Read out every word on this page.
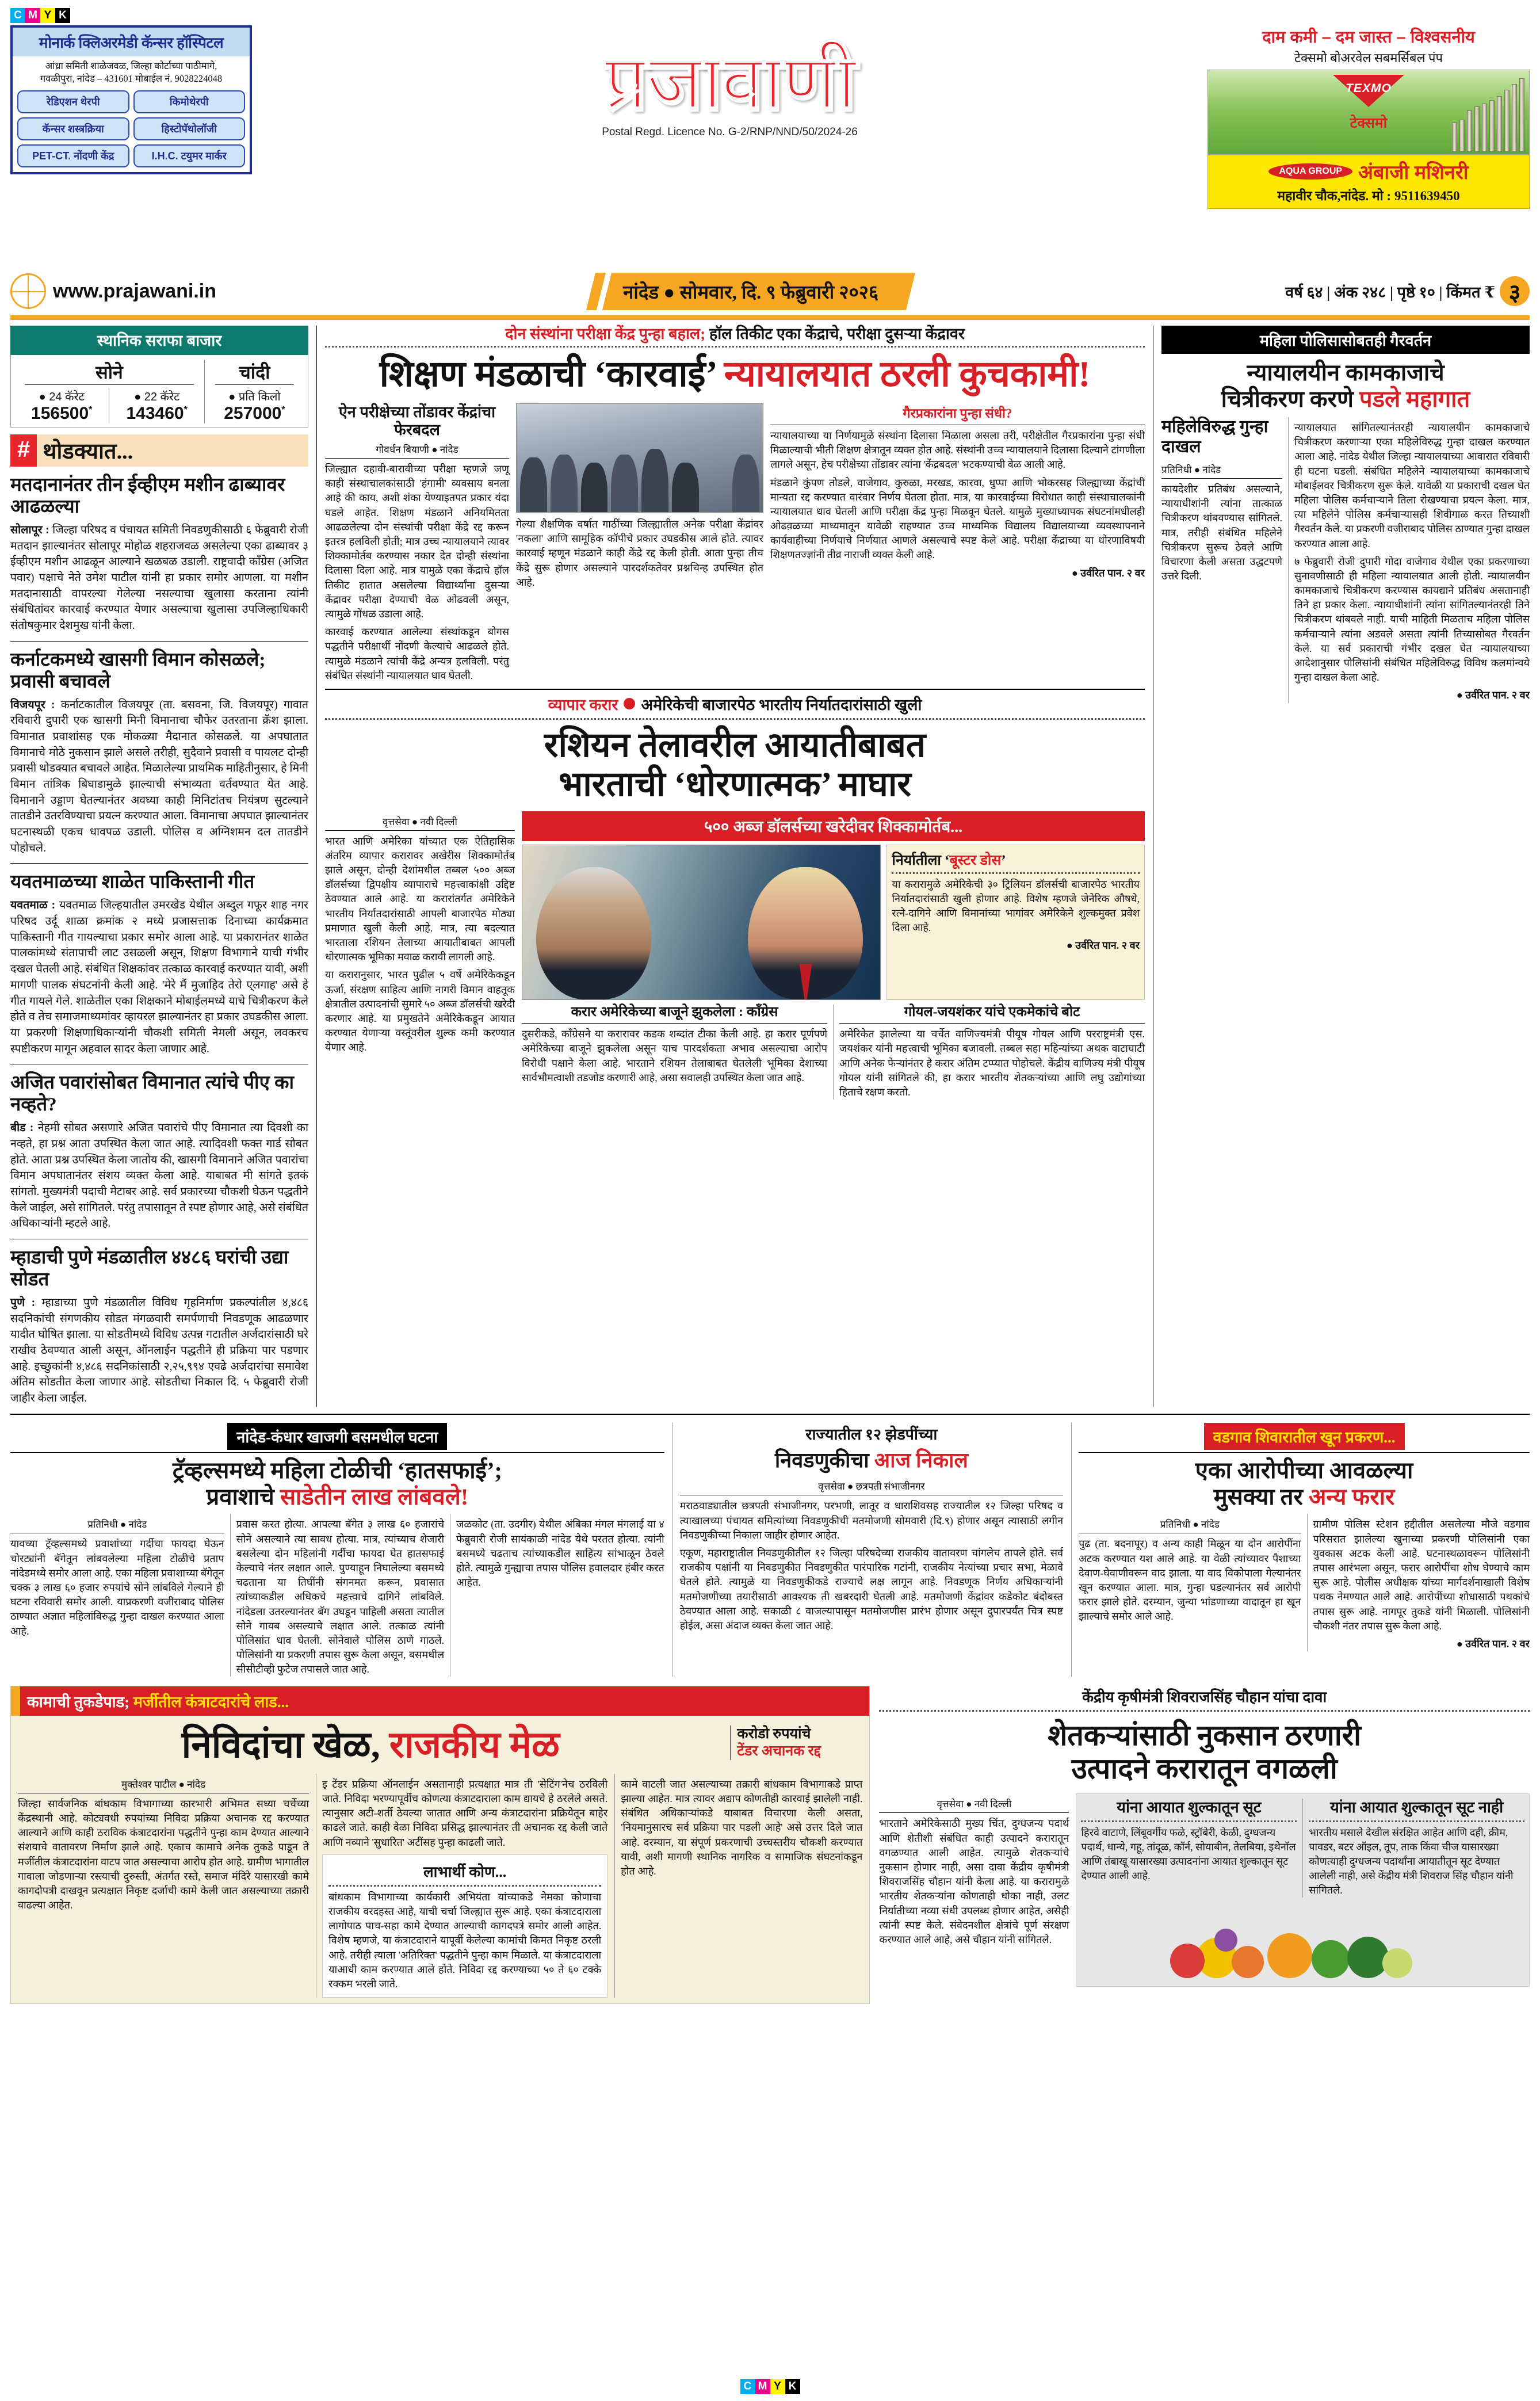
C M Y K
मोनार्क क्लिअरमेडी कॅन्सर हॉस्पिटल
आंध्रा समिती शाळेजवळ, जिल्हा कोर्टाच्या पाठीमागे,
गवळीपुरा, नांदेड – 431601 मोबाईल नं. 9028224048
रेडिएशन थेरपी	किमोथेरपी
कॅन्सर शस्त्रक्रिया	हिस्टोपॅथोलॉजी
PET-CT. नोंदणी केंद्र	I.H.C. टयुमर मार्कर
प्रजावाणी
Postal Regd. Licence No. G-2/RNP/NND/50/2024-26
दाम कमी – दम जास्त – विश्वसनीय
टेक्समो बोअरवेल सबमर्सिबल पंप
TEXMO
टेक्समो
AQUA GROUP अंबाजी मशिनरी
महावीर चौक,नांदेड. मो : 9511639450
www.prajawani.in	नांदेड ● सोमवार, दि. ९ फेब्रुवारी २०२६	वर्ष ६४ | अंक २४८ | पृष्ठे १० | किंमत ₹ ३
स्थानिक सराफा बाजार
सोने
● 24 कॅरेट
156500*
● 22 कॅरेट
143460*
चांदी
● प्रति किलो
257000*
# थोडक्यात...
मतदानानंतर तीन ईव्हीएम मशीन ढाब्यावर आढळल्या
सोलापूर : जिल्हा परिषद व पंचायत समिती निवडणुकीसाठी ६ फेब्रुवारी रोजी मतदान झाल्यानंतर सोलापूर मोहोळ शहराजवळ असलेल्या एका ढाब्यावर ३ ईव्हीएम मशीन आढळून आल्याने खळबळ उडाली. राष्ट्रवादी काँग्रेस (अजित पवार) पक्षाचे नेते उमेश पाटील यांनी हा प्रकार समोर आणला. या मशीन मतदानासाठी वापरल्या गेलेल्या नसल्याचा खुलासा करताना त्यांनी संबंधितांवर कारवाई करण्यात येणार असल्याचा खुलासा उपजिल्हाधिकारी संतोषकुमार देशमुख यांनी केला.
कर्नाटकमध्ये खासगी विमान कोसळले; प्रवासी बचावले
विजयपूर : कर्नाटकातील विजयपूर (ता. बसवना, जि. विजयपूर) गावात रविवारी दुपारी एक खासगी मिनी विमानाचा चौफेर उतरताना क्रॅश झाला. विमानात प्रवाशांसह एक मोकळ्या मैदानात कोसळले. या अपघातात विमानाचे मोठे नुकसान झाले असले तरीही, सुदैवाने प्रवासी व पायलट दोन्ही प्रवासी थोडक्यात बचावले आहेत. मिळालेल्या प्राथमिक माहितीनुसार, हे मिनी विमान तांत्रिक बिघाडामुळे झाल्याची संभाव्यता वर्तवण्यात येत आहे. विमानाने उड्डाण घेतल्यानंतर अवघ्या काही मिनिटांतच नियंत्रण सुटल्याने तातडीने उतरविण्याचा प्रयत्न करण्यात आला. विमानाचा अपघात झाल्यानंतर घटनास्थळी एकच धावपळ उडाली. पोलिस व अग्निशमन दल तातडीने पोहोचले.
यवतमाळच्या शाळेत पाकिस्तानी गीत
यवतमाळ : यवतमाळ जिल्हयातील उमरखेड येथील अब्दुल गफूर शाह नगर परिषद उर्दू शाळा क्रमांक २ मध्ये प्रजासत्ताक दिनाच्या कार्यक्रमात पाकिस्तानी गीत गायल्याचा प्रकार समोर आला आहे. या प्रकारानंतर शाळेत पालकांमध्ये संतापाची लाट उसळली असून, शिक्षण विभागाने याची गंभीर दखल घेतली आहे. संबंधित शिक्षकांवर तत्काळ कारवाई करण्यात यावी, अशी मागणी पालक संघटनांनी केली आहे. 'मेरे मैं मुजाहिद तेरो ए्लगाह' असे हे गीत गायले गेले. शाळेतील एका शिक्षकाने मोबाईलमध्ये याचे चित्रीकरण केले होते व तेच समाजमाध्यमांवर व्हायरल झाल्यानंतर हा प्रकार उघडकीस आला. या प्रकरणी शिक्षणाधिकाऱ्यांनी चौकशी समिती नेमली असून, लवकरच स्पष्टीकरण मागून अहवाल सादर केला जाणार आहे.
अजित पवारांसोबत विमानात त्यांचे पीए का नव्हते?
बीड : नेहमी सोबत असणारे अजित पवारांचे पीए विमानात त्या दिवशी का नव्हते, हा प्रश्न आता उपस्थित केला जात आहे. त्यादिवशी फक्त गार्ड सोबत होते. आता प्रश्न उपस्थित केला जातोय की, खासगी विमानाने अजित पवारांचा विमान अपघातानंतर संशय व्यक्त केला आहे. याबाबत मी सांगते इतकं सांगतो. मुख्यमंत्री पदाची मेटाबर आहे. सर्व प्रकारच्या चौकशी घेऊन पद्धतीने केले जाईल, असे सांगितले. परंतु तपासातून ते स्पष्ट होणार आहे, असे संबंधित अधिकाऱ्यांनी म्हटले आहे.
म्हाडाची पुणे मंडळातील ४४८६ घरांची उद्या सोडत
पुणे : म्हाडाच्या पुणे मंडळातील विविध गृहनिर्माण प्रकल्पांतील ४,४८६ सदनिकांची संगणकीय सोडत मंगळवारी समर्पणाची निवडणूक आढळणार यादीत घोषित झाला. या सोडतीमध्ये विविध उत्पन्न गटातील अर्जदारांसाठी घरे राखीव ठेवण्यात आली असून, ऑनलाईन पद्धतीने ही प्रक्रिया पार पडणार आहे. इच्छुकांनी ४,४८६ सदनिकांसाठी २,२५,९९४ एवढे अर्जदारांचा समावेश अंतिम सोडतीत केला जाणार आहे. सोडतीचा निकाल दि. ५ फेब्रुवारी रोजी जाहीर केला जाईल.
दोन संस्थांना परीक्षा केंद्र पुन्हा बहाल; हॉल तिकीट एका केंद्राचे, परीक्षा दुसऱ्या केंद्रावर
शिक्षण मंडळाची ‘कारवाई’ न्यायालयात ठरली कुचकामी!
ऐन परीक्षेच्या तोंडावर केंद्रांचा फेरबदल
गोवर्धन बियाणी ● नांदेड
जिल्ह्यात दहावी-बारावीच्या परीक्षा म्हणजे जणू काही संस्थाचालकांसाठी 'हंगामी' व्यवसाय बनला आहे की काय, अशी शंका येण्याइतपत प्रकार यंदा घडले आहेत. शिक्षण मंडळाने अनियमितता आढळलेल्या दोन संस्थांची परीक्षा केंद्रे रद्द करून इतरत्र हलविली होती; मात्र उच्च न्यायालयाने त्यावर शिक्कामोर्तब करण्यास नकार देत दोन्ही संस्थांना दिलासा दिला आहे. मात्र यामुळे एका केंद्राचे हॉल तिकीट हातात असलेल्या विद्यार्थ्यांना दुसऱ्या केंद्रावर परीक्षा देण्याची वेळ ओढवली असून, त्यामुळे गोंधळ उडाला आहे.
कारवाई करण्यात आलेल्या संस्थांकडून बोगस पद्धतीने परीक्षार्थी नोंदणी केल्याचे आढळले होते. त्यामुळे मंडळाने त्यांची केंद्रे अन्यत्र हलविली. परंतु संबंधित संस्थांनी न्यायालयात धाव घेतली.
गेल्या शैक्षणिक वर्षात गाठींच्या जिल्ह्यातील अनेक परीक्षा केंद्रांवर 'नकला' आणि सामूहिक कॉपीचे प्रकार उघडकीस आले होते. त्यावर कारवाई म्हणून मंडळाने काही केंद्रे रद्द केली होती. आता पुन्हा तीच केंद्रे सुरू होणार असल्याने पारदर्शकतेवर प्रश्नचिन्ह उपस्थित होत आहे.
गैरप्रकारांना पुन्हा संधी?
न्यायालयाच्या या निर्णयामुळे संस्थांना दिलासा मिळाला असला तरी, परीक्षेतील गैरप्रकारांना पुन्हा संधी मिळाल्याची भीती शिक्षण क्षेत्रातून व्यक्त होत आहे. संस्थांनी उच्च न्यायालयाने दिलासा दिल्याने टांगणीला लागले असून, हेच परीक्षेच्या तोंडावर त्यांना 'केंद्रबदल' भटकण्याची वेळ आली आहे.
मंडळाने कुंपण तोडले, वाजेगाव, कुरुळा, मरखड, कारवा, धुप्पा आणि भोकरसह जिल्ह्याच्या केंद्रांची मान्यता रद्द करण्यात वारंवार निर्णय घेतला होता. मात्र, या कारवाईच्या विरोधात काही संस्थाचालकांनी न्यायालयात धाव घेतली आणि परीक्षा केंद्र पुन्हा मिळवून घेतले. यामुळे मुख्याध्यापक संघटनांमधीलही ओढव़ळच्या माध्यमातून यावेळी राहण्यात उच्च माध्यमिक विद्यालय विद्यालयाच्या व्यवस्थापनाने कार्यवाहीच्या निर्णयाचे निर्णयात आणले असल्याचे स्पष्ट केले आहे. परीक्षा केंद्राच्या या धोरणाविषयी शिक्षणतज्ज्ञांनी तीव्र नाराजी व्यक्त केली आहे.
● उर्वरित पान. २ वर
व्यापार करार अमेरिकेची बाजारपेठ भारतीय निर्यातदारांसाठी खुली
रशियन तेलावरील आयातीबाबत
भारताची ‘धोरणात्मक’ माघार
वृत्तसेवा ● नवी दिल्ली
भारत आणि अमेरिका यांच्यात एक ऐतिहासिक अंतरिम व्यापार करारावर अखेरीस शिक्कामोर्तब झाले असून, दोन्ही देशांमधील तब्बल ५०० अब्ज डॉलर्सच्या द्विपक्षीय व्यापाराचे महत्त्वाकांक्षी उद्दिष्ट ठेवण्यात आले आहे. या करारांतर्गत अमेरिकेने भारतीय निर्यातदारांसाठी आपली बाजारपेठ मोठ्या प्रमाणात खुली केली आहे. मात्र, त्या बदल्यात भारताला रशियन तेलाच्या आयातीबाबत आपली धोरणात्मक भूमिका मवाळ करावी लागली आहे.
या करारानुसार, भारत पुढील ५ वर्षे अमेरिकेकडून ऊर्जा, संरक्षण साहित्य आणि नागरी विमान वाहतूक क्षेत्रातील उत्पादनांची सुमारे ५० अब्ज डॉलर्सची खरेदी करणार आहे. या प्रमुखतेने अमेरिकेकडून आयात करण्यात येणाऱ्या वस्तूंवरील शुल्क कमी करण्यात येणार आहे.
५०० अब्ज डॉलर्सच्या खरेदीवर शिक्कामोर्तब...
निर्यातीला ‘बूस्टर डोस’
या करारामुळे अमेरिकेची ३० ट्रिलियन डॉलर्सची बाजारपेठ भारतीय निर्यातदारांसाठी खुली होणार आहे. विशेष म्हणजे जेनेरिक औषधे, रत्ने-दागिने आणि विमानांच्या भागांवर अमेरिकेने शुल्कमुक्त प्रवेश दिला आहे.
● उर्वरित पान. २ वर
करार अमेरिकेच्या बाजूने झुकलेला : काँग्रेस
दुसरीकडे, काँग्रेसने या करारावर कडक शब्दांत टीका केली आहे. हा करार पूर्णपणे अमेरिकेच्या बाजूने झुकलेला असून याच पारदर्शकता अभाव असल्याचा आरोप विरोधी पक्षाने केला आहे. भारताने रशियन तेलाबाबत घेतलेली भूमिका देशाच्या सार्वभौमत्वाशी तडजोड करणारी आहे, असा सवालही उपस्थित केला जात आहे.
गोयल-जयशंकर यांचे एकमेकांचे बोट
अमेरिकेत झालेल्या या चर्चेत वाणिज्यमंत्री पीयूष गोयल आणि परराष्ट्रमंत्री एस. जयशंकर यांनी महत्त्वाची भूमिका बजावली. तब्बल सहा महिन्यांच्या अथक वाटाघाटी आणि अनेक फेऱ्यांनंतर हे करार अंतिम टप्प्यात पोहोचले. केंद्रीय वाणिज्य मंत्री पीयूष गोयल यांनी सांगितले की, हा करार भारतीय शेतकऱ्यांच्या आणि लघु उद्योगांच्या हिताचे रक्षण करतो.
महिला पोलिसासोबतही गैरवर्तन
न्यायालयीन कामकाजाचे
चित्रीकरण करणे पडले महागात
महिलेविरुद्ध गुन्हा दाखल
प्रतिनिधी ● नांदेड
कायदेशीर प्रतिबंध असल्याने, न्यायाधीशांनी त्यांना तात्काळ चित्रीकरण थांबवण्यास सांगितले. मात्र, तरीही संबंधित महिलेने चित्रीकरण सुरूच ठेवले आणि विचारणा केली असता उद्धटपणे उत्तरे दिली.
न्यायालयात सांगितल्यानंतरही न्यायालयीन कामकाजाचे चित्रीकरण करणाऱ्या एका महिलेविरुद्ध गुन्हा दाखल करण्यात आला आहे. नांदेड येथील जिल्हा न्यायालयाच्या आवारात रविवारी ही घटना घडली. संबंधित महिलेने न्यायालयाच्या कामकाजाचे मोबाईलवर चित्रीकरण सुरू केले. यावेळी या प्रकाराची दखल घेत महिला पोलिस कर्मचाऱ्याने तिला रोखण्याचा प्रयत्न केला. मात्र, त्या महिलेने पोलिस कर्मचाऱ्यासही शिवीगाळ करत तिच्याशी गैरवर्तन केले. या प्रकरणी वजीराबाद पोलिस ठाण्यात गुन्हा दाखल करण्यात आला आहे.
७ फेब्रुवारी रोजी दुपारी गोदा वाजेगाव येथील एका प्रकरणाच्या सुनावणीसाठी ही महिला न्यायालयात आली होती. न्यायालयीन कामकाजाचे चित्रीकरण करण्यास कायद्याने प्रतिबंध असतानाही तिने हा प्रकार केला. न्यायाधीशांनी त्यांना सांगितल्यानंतरही तिने चित्रीकरण थांबवले नाही. याची माहिती मिळताच महिला पोलिस कर्मचाऱ्याने त्यांना अडवले असता त्यांनी तिच्यासोबत गैरवर्तन केले. या सर्व प्रकाराची गंभीर दखल घेत न्यायालयाच्या आदेशानुसार पोलिसांनी संबंधित महिलेविरुद्ध विविध कलमांन्वये गुन्हा दाखल केला आहे.
● उर्वरित पान. २ वर
नांदेड-कंधार खाजगी बसमधील घटना
ट्रॅव्हल्समध्ये महिला टोळीची ‘हातसफाई’;
प्रवाशाचे साडेतीन लाख लांबवले!
प्रतिनिधी ● नांदेड
यावच्या ट्रॅव्हल्समध्ये प्रवाशांच्या गर्दीचा फायदा घेऊन चोरट्यांनी बॅगेतून लांबवलेल्या महिला टोळीचे प्रताप नांदेडमध्ये समोर आला आहे. एका महिला प्रवाशाच्या बॅगेतून चक्क ३ लाख ६० हजार रुपयांचे सोने लांबविले गेल्याने ही घटना रविवारी समोर आली. याप्रकरणी वजीराबाद पोलिस ठाण्यात अज्ञात महिलांविरुद्ध गुन्हा दाखल करण्यात आला आहे.
प्रवास करत होत्या. आपल्या बॅगेत ३ लाख ६० हजारांचे सोने असल्याने त्या सावध होत्या. मात्र, त्यांच्याच शेजारी बसलेल्या दोन महिलांनी गर्दीचा फायदा घेत हातसफाई केल्याचे नंतर लक्षात आले. पुण्याहून निघालेल्या बसमध्ये चढताना या तिघींनी संगनमत करून, प्रवासात त्यांच्याकडील अधिकचे महत्त्वाचे दागिने लांबविले. नांदेडला उतरल्यानंतर बॅग उघडून पाहिली असता त्यातील सोने गायब असल्याचे लक्षात आले. तत्काळ त्यांनी पोलिसांत धाव घेतली. सोनेवाले पोलिस ठाणे गाठले. पोलिसांनी या प्रकरणी तपास सुरू केला असून, बसमधील सीसीटीव्ही फुटेज तपासले जात आहे.
जळकोट (ता. उदगीर) येथील अंबिका मंगल मंगलाई या ४ फेब्रुवारी रोजी सायंकाळी नांदेड येथे परतत होत्या. त्यांनी बसमध्ये चढताच त्यांच्याकडील साहित्य सांभाळून ठेवले होते. त्यामुळे गुन्ह्याचा तपास पोलिस हवालदार हंबीर करत आहेत.
राज्यातील १२ झेडपींच्या
निवडणुकीचा आज निकाल
वृत्तसेवा ● छत्रपती संभाजीनगर
मराठवाड्यातील छत्रपती संभाजीनगर, परभणी, लातूर व धाराशिवसह राज्यातील १२ जिल्हा परिषद व त्याखालच्या पंचायत समित्यांच्या निवडणुकीची मतमोजणी सोमवारी (दि.९) होणार असून त्यासाठी लगीन निवडणुकीच्या निकाला जाहीर होणार आहेत.
एकूण, महाराष्ट्रातील निवडणुकीतील १२ जिल्हा परिषदेच्या राजकीय वातावरण चांगलेच तापले होते. सर्व राजकीय पक्षांनी या निवडणुकीत निवडणुकीत पारंपारिक गटांनी, राजकीय नेत्यांच्या प्रचार सभा, मेळावे घेतले होते. त्यामुळे या निवडणुकीकडे राज्याचे लक्ष लागून आहे. निवडणूक निर्णय अधिकाऱ्यांनी मतमोजणीच्या तयारीसाठी आवश्यक ती खबरदारी घेतली आहे. मतमोजणी केंद्रांवर कडेकोट बंदोबस्त ठेवण्यात आला आहे. सकाळी ८ वाजल्यापासून मतमोजणीस प्रारंभ होणार असून दुपारपर्यंत चित्र स्पष्ट होईल, असा अंदाज व्यक्त केला जात आहे.
वडगाव शिवारातील खून प्रकरण...
एका आरोपीच्या आवळल्या
मुसक्या तर अन्य फरार
प्रतिनिधी ● नांदेड
पुढ (ता. बदनापूर) व अन्य काही मिळून या दोन आरोपींना अटक करण्यात यश आले आहे. या वेळी त्यांच्यावर पैशाच्या देवाण-घेवाणीवरून वाद झाला. या वाद विकोपाला गेल्यानंतर खून करण्यात आला. मात्र, गुन्हा घडल्यानंतर सर्व आरोपी फरार झाले होते. दरम्यान, जुन्या भांडणाच्या वादातून हा खून झाल्याचे समोर आले आहे.
ग्रामीण पोलिस स्टेशन हद्दीतील असलेल्या मौजे वडगाव परिसरात झालेल्या खुनाच्या प्रकरणी पोलिसांनी एका युवकास अटक केली आहे. घटनास्थळावरून पोलिसांनी तपास आरंभला असून, फरार आरोपींचा शोध घेण्याचे काम सुरू आहे. पोलीस अधीक्षक यांच्या मार्गदर्शनाखाली विशेष पथक नेमण्यात आले आहे. आरोपींच्या शोधासाठी पथकांचे तपास सुरू आहे. नागपूर तुकडे यांनी मिळाली. पोलिसांनी चौकशी नंतर तपास सुरू केला आहे.
● उर्वरित पान. २ वर
कामाची तुकडेपाड; मर्जीतील कंत्राटदारांचे लाड...
निविदांचा खेळ, राजकीय मेळ	करोडो रुपयांचे
टेंडर अचानक रद्द
मुक्तेश्वर पाटील ● नांदेड
जिल्हा सार्वजनिक बांधकाम विभागाच्या कारभारी अभिमत सध्या चर्चेच्या केंद्रस्थानी आहे. कोट्यवधी रुपयांच्या निविदा प्रक्रिया अचानक रद्द करण्यात आल्याने आणि काही ठराविक कंत्राटदारांना पद्धतीने पुन्हा काम देण्यात आल्याने संशयाचे वातावरण निर्माण झाले आहे. एकाच कामाचे अनेक तुकडे पाडून ते मर्जीतील कंत्राटदारांना वाटप जात असल्याचा आरोप होत आहे. ग्रामीण भागातील गावाला जोडणाऱ्या रस्त्याची दुरुस्ती, अंतर्गत रस्ते, समाज मंदिरे यासारखी कामे कागदोपत्री दाखवून प्रत्यक्षात निकृष्ट दर्जाची कामे केली जात असल्याच्या तक्रारी वाढल्या आहेत.
इ टेंडर प्रक्रिया ऑनलाईन असतानाही प्रत्यक्षात मात्र ती 'सेटिंग'नेच ठरविली जाते. निविदा भरण्यापूर्वीच कोणत्या कंत्राटदाराला काम द्यायचे हे ठरलेले असते. त्यानुसार अटी-शर्ती ठेवल्या जातात आणि अन्य कंत्राटदारांना प्रक्रियेतून बाहेर काढले जाते. काही वेळा निविदा प्रसिद्ध झाल्यानंतर ती अचानक रद्द केली जाते आणि नव्याने 'सुधारित' अटींसह पुन्हा काढली जाते.
लाभार्थी कोण...
बांधकाम विभागाच्या कार्यकारी अभियंता यांच्याकडे नेमका कोणाचा राजकीय वरदहस्त आहे, याची चर्चा जिल्ह्यात सुरू आहे. एका कंत्राटदाराला लागोपाठ पाच-सहा कामे देण्यात आल्याची कागदपत्रे समोर आली आहेत. विशेष म्हणजे, या कंत्राटदाराने यापूर्वी केलेल्या कामांची किमत निकृष्ट ठरली आहे. तरीही त्याला 'अतिरिक्त' पद्धतीने पुन्हा काम मिळाले. या कंत्राटदाराला याआधी काम करण्यात आले होते. निविदा रद्द करण्याच्या ५० ते ६० टक्के रक्कम भरली जाते.
कामे वाटली जात असल्याच्या तक्रारी बांधकाम विभागाकडे प्राप्त झाल्या आहेत. मात्र त्यावर अद्याप कोणतीही कारवाई झालेली नाही. संबंधित अधिकाऱ्यांकडे याबाबत विचारणा केली असता, 'नियमानुसारच सर्व प्रक्रिया पार पडली आहे' असे उत्तर दिले जात आहे. दरम्यान, या संपूर्ण प्रकरणाची उच्चस्तरीय चौकशी करण्यात यावी, अशी मागणी स्थानिक नागरिक व सामाजिक संघटनांकडून होत आहे.
केंद्रीय कृषीमंत्री शिवराजसिंह चौहान यांचा दावा
शेतकऱ्यांसाठी नुकसान ठरणारी
उत्पादने करारातून वगळली
वृत्तसेवा ● नवी दिल्ली
भारताने अमेरिकेसाठी मुख्य चिंत, दुग्धजन्य पदार्थ आणि शेतीशी संबंधित काही उत्पादने करारातून वगळण्यात आली आहेत. त्यामुळे शेतकऱ्यांचे नुकसान होणार नाही, असा दावा केंद्रीय कृषीमंत्री शिवराजसिंह चौहान यांनी केला आहे. या करारामुळे भारतीय शेतकऱ्यांना कोणताही धोका नाही, उलट निर्यातीच्या नव्या संधी उपलब्ध होणार आहेत, असेही त्यांनी स्पष्ट केले. संवेदनशील क्षेत्रांचे पूर्ण संरक्षण करण्यात आले आहे, असे चौहान यांनी सांगितले.
यांना आयात शुल्कातून सूट
हिरवे वाटाणे, लिंबूवर्गीय फळे, स्ट्रॉबेरी, केळी, दुग्धजन्य पदार्थ, धान्ये, गहू, तांदूळ, कॉर्न, सोयाबीन, तेलबिया, इथेनॉल आणि तंबाखू यासारख्या उत्पादनांना आयात शुल्कातून सूट देण्यात आली आहे.
यांना आयात शुल्कातून सूट नाही
भारतीय मसाले देखील संरक्षित आहेत आणि दही, क्रीम, पावडर, बटर ऑइल, तूप, ताक किंवा चीज यासारख्या कोणत्याही दुग्धजन्य पदार्थांना आयातीतून सूट देण्यात आलेली नाही, असे केंद्रीय मंत्री शिवराज सिंह चौहान यांनी सांगितले.
C M Y K
